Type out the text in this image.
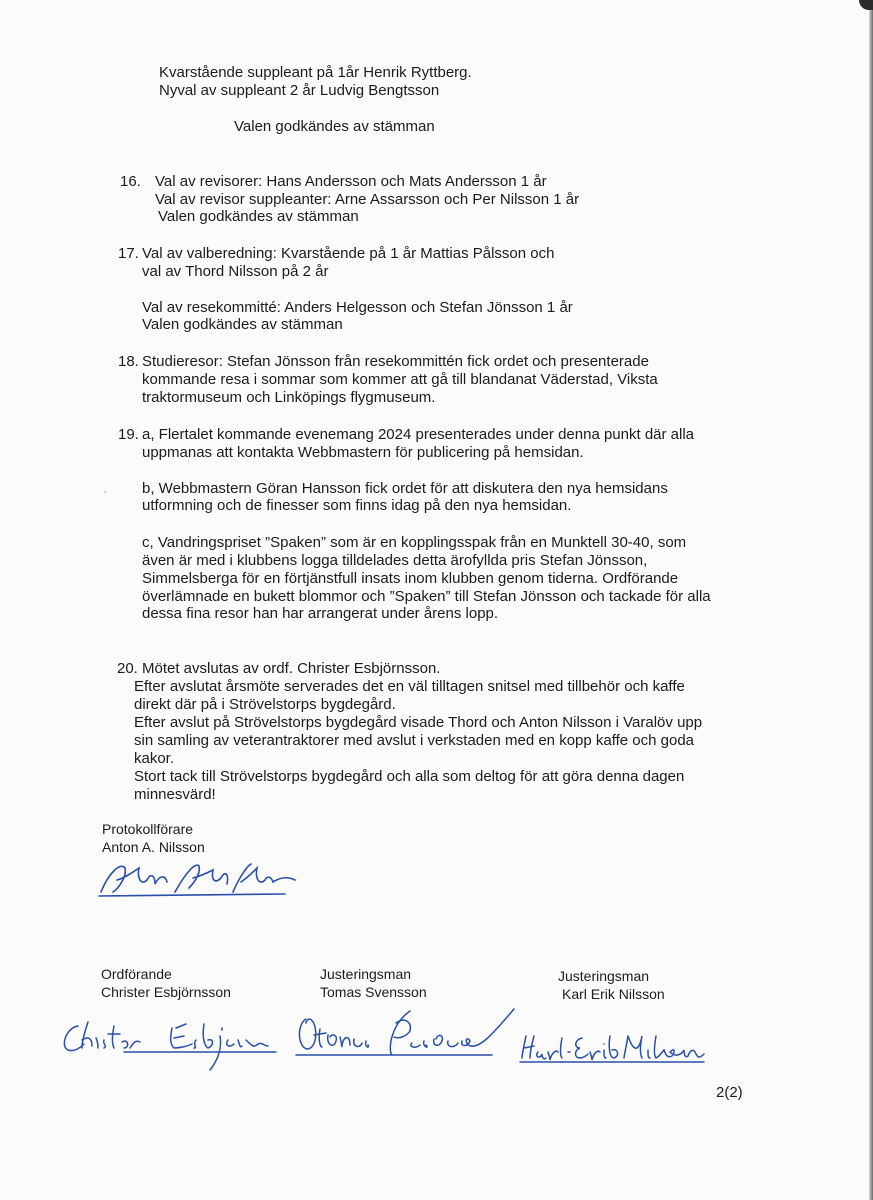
Kvarstående suppleant på 1år Henrik Ryttberg.
Nyval av suppleant 2 år Ludvig Bengtsson
Valen godkändes av stämman
16. Val av revisorer: Hans Andersson och Mats Andersson 1 år
Val av revisor suppleanter: Arne Assarsson och Per Nilsson 1 år
Valen godkändes av stämman
17. Val av valberedning: Kvarstående på 1 år Mattias Pålsson och
val av Thord Nilsson på 2 år
Val av resekommitté: Anders Helgesson och Stefan Jönsson 1 år
Valen godkändes av stämman
18. Studieresor: Stefan Jönsson från resekommittén fick ordet och presenterade
kommande resa i sommar som kommer att gå till blandanat Väderstad, Viksta
traktormuseum och Linköpings flygmuseum.
19. a, Flertalet kommande evenemang 2024 presenterades under denna punkt där alla
uppmanas att kontakta Webbmastern för publicering på hemsidan.
b, Webbmastern Göran Hansson fick ordet för att diskutera den nya hemsidans
utformning och de finesser som finns idag på den nya hemsidan.
´
c, Vandringspriset ”Spaken” som är en kopplingsspak från en Munktell 30-40, som
även är med i klubbens logga tilldelades detta ärofyllda pris Stefan Jönsson,
Simmelsberga för en förtjänstfull insats inom klubben genom tiderna. Ordförande
överlämnade en bukett blommor och ”Spaken” till Stefan Jönsson och tackade för alla
dessa fina resor han har arrangerat under årens lopp.
20. Mötet avslutas av ordf. Christer Esbjörnsson.
Efter avslutat årsmöte serverades det en väl tilltagen snitsel med tillbehör och kaffe
direkt där på i Strövelstorps bygdegård.
Efter avslut på Strövelstorps bygdegård visade Thord och Anton Nilsson i Varalöv upp
sin samling av veterantraktorer med avslut i verkstaden med en kopp kaffe och goda
kakor.
Stort tack till Strövelstorps bygdegård och alla som deltog för att göra denna dagen
minnesvärd!
Protokollförare
Anton A. Nilsson
Ordförande
Christer Esbjörnsson
Justeringsman
Tomas Svensson
Justeringsman
Karl Erik Nilsson
2(2)
